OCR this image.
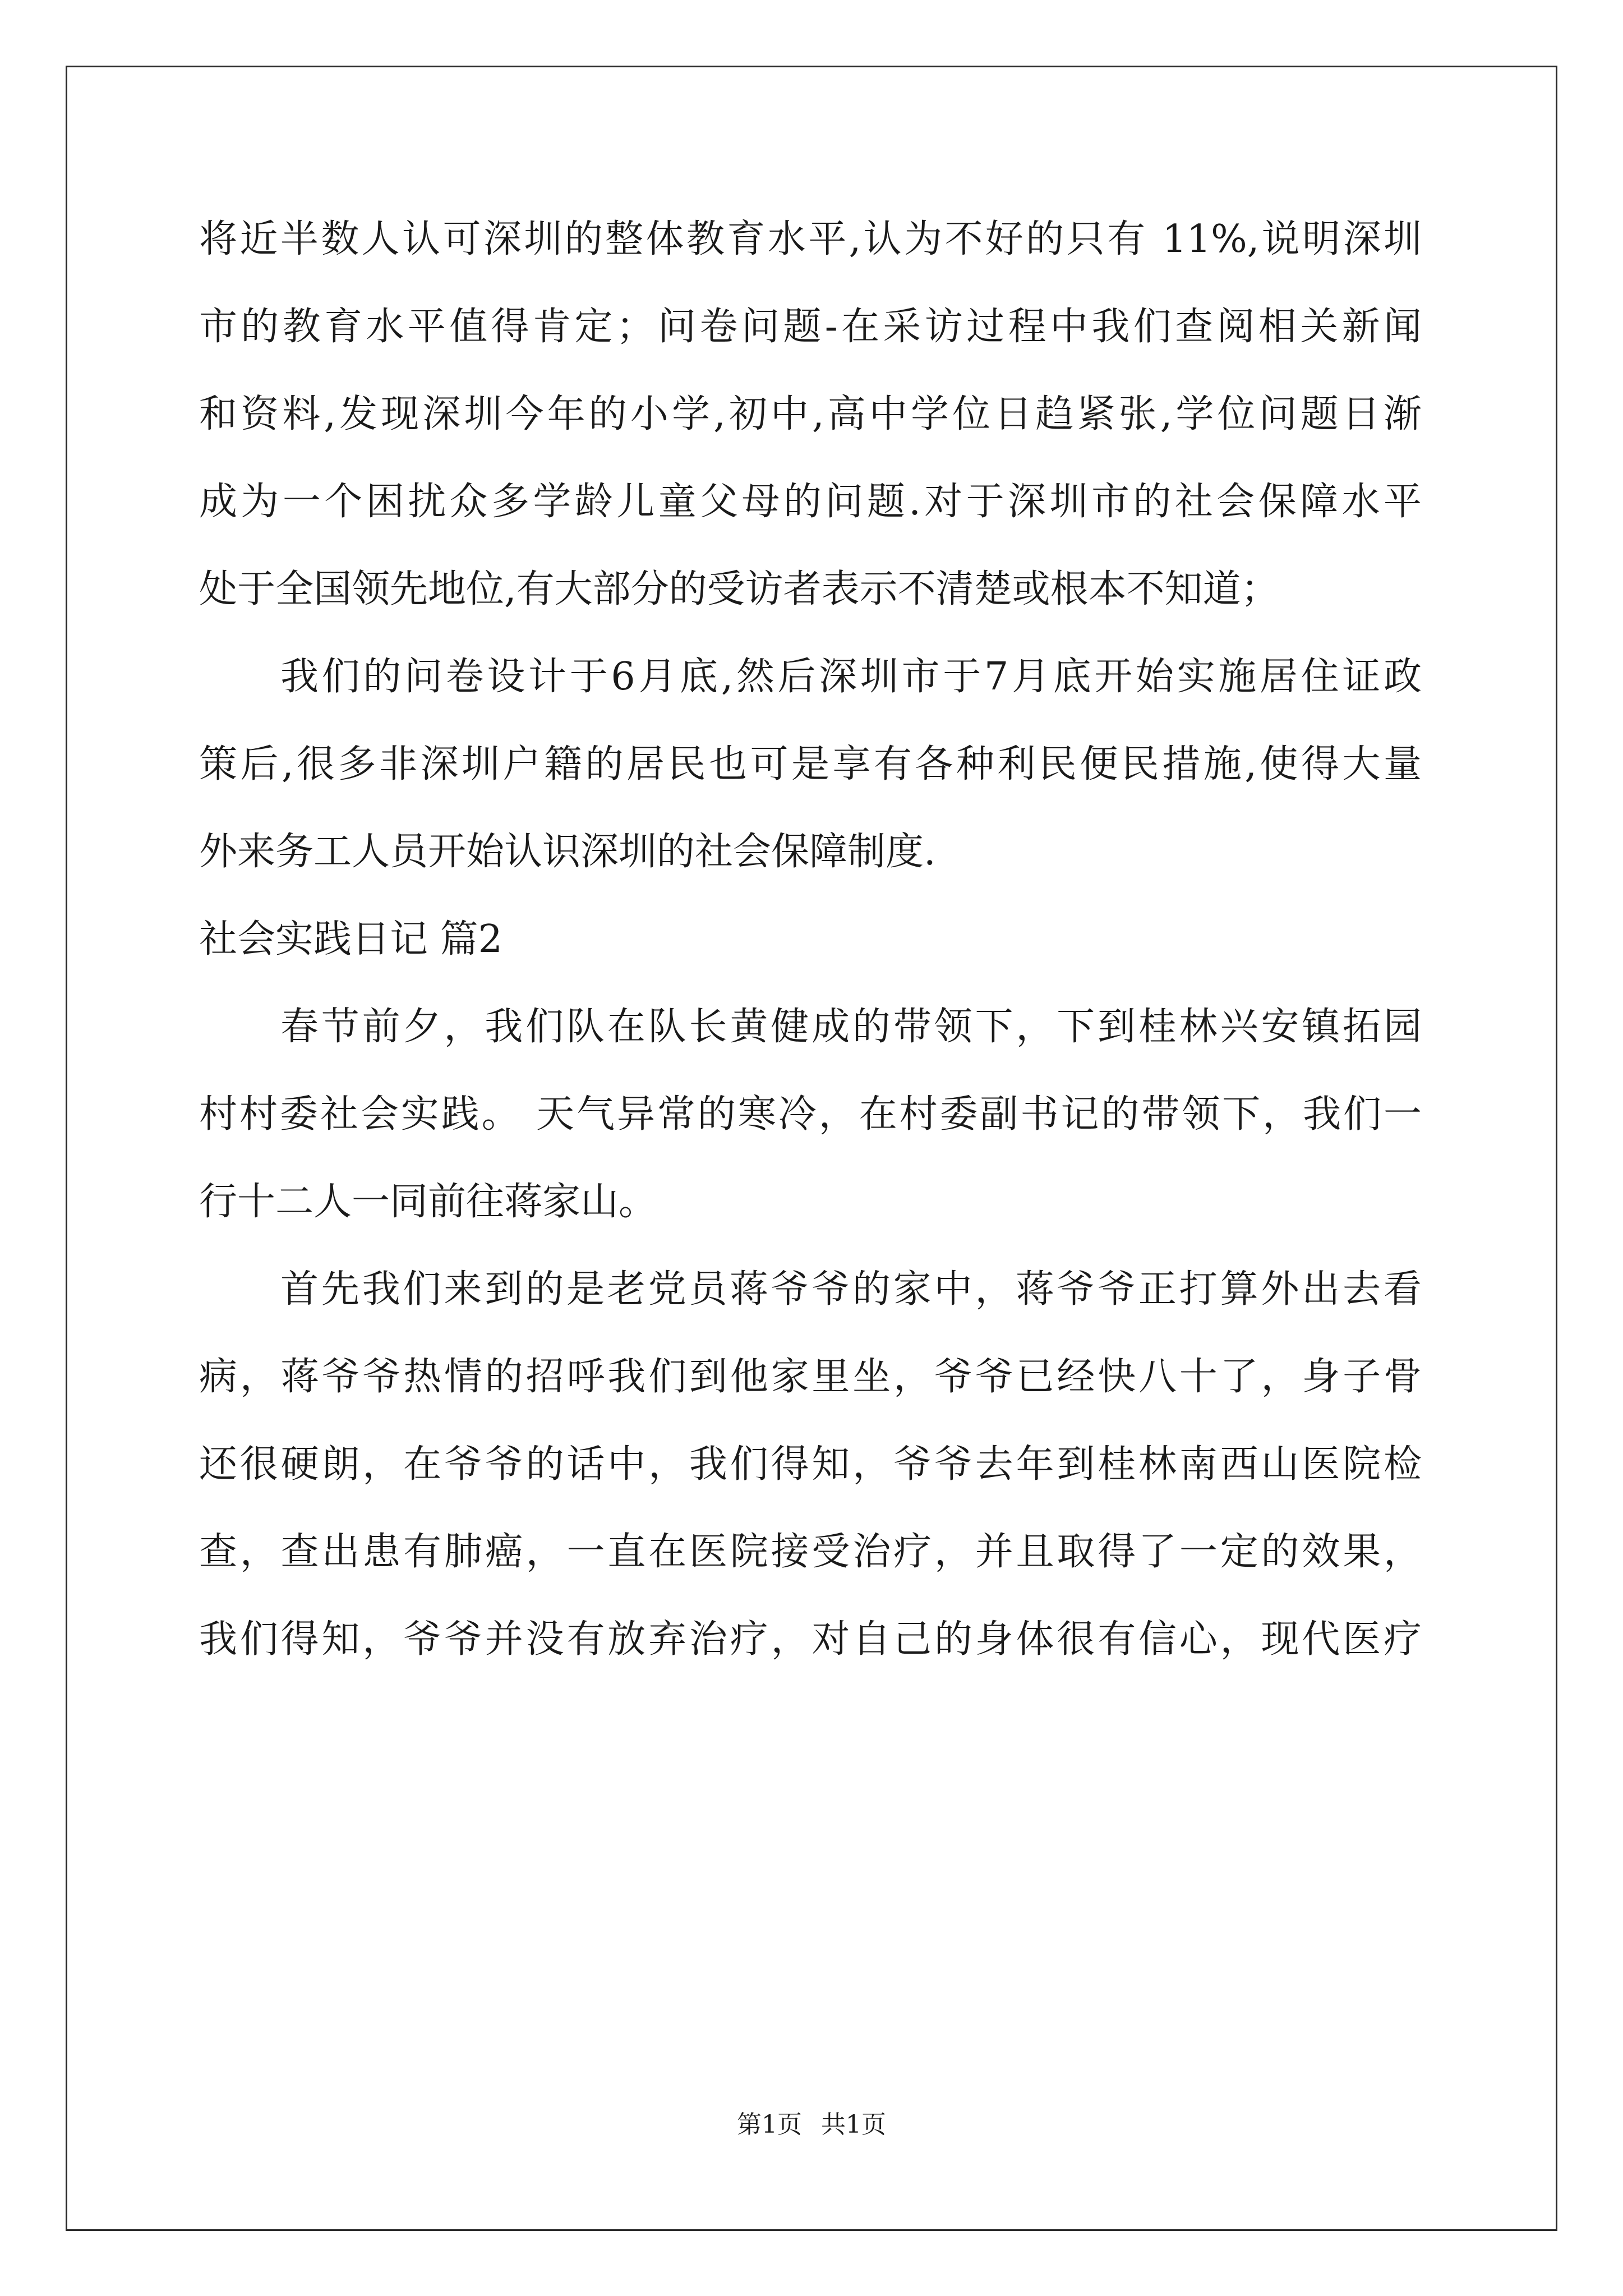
将近半数人认可深圳的整体教育水平,认为不好的只有 11%,说明深圳
市的教育水平值得肯定；问卷问题-在采访过程中我们查阅相关新闻
和资料,发现深圳今年的小学,初中,高中学位日趋紧张,学位问题日渐
成为一个困扰众多学龄儿童父母的问题.对于深圳市的社会保障水平
处于全国领先地位,有大部分的受访者表示不清楚或根本不知道；
我们的问卷设计于6月底,然后深圳市于7月底开始实施居住证政
策后,很多非深圳户籍的居民也可是享有各种利民便民措施,使得大量
外来务工人员开始认识深圳的社会保障制度.
社会实践日记 篇2
春节前夕，我们队在队长黄健成的带领下，下到桂林兴安镇拓园
村村委社会实践。 天气异常的寒冷，在村委副书记的带领下，我们一
行十二人一同前往蒋家山。
首先我们来到的是老党员蒋爷爷的家中，蒋爷爷正打算外出去看
病，蒋爷爷热情的招呼我们到他家里坐，爷爷已经快八十了，身子骨
还很硬朗，在爷爷的话中，我们得知，爷爷去年到桂林南西山医院检
查，查出患有肺癌，一直在医院接受治疗，并且取得了一定的效果，
我们得知，爷爷并没有放弃治疗，对自己的身体很有信心，现代医疗
第1页 共1页
